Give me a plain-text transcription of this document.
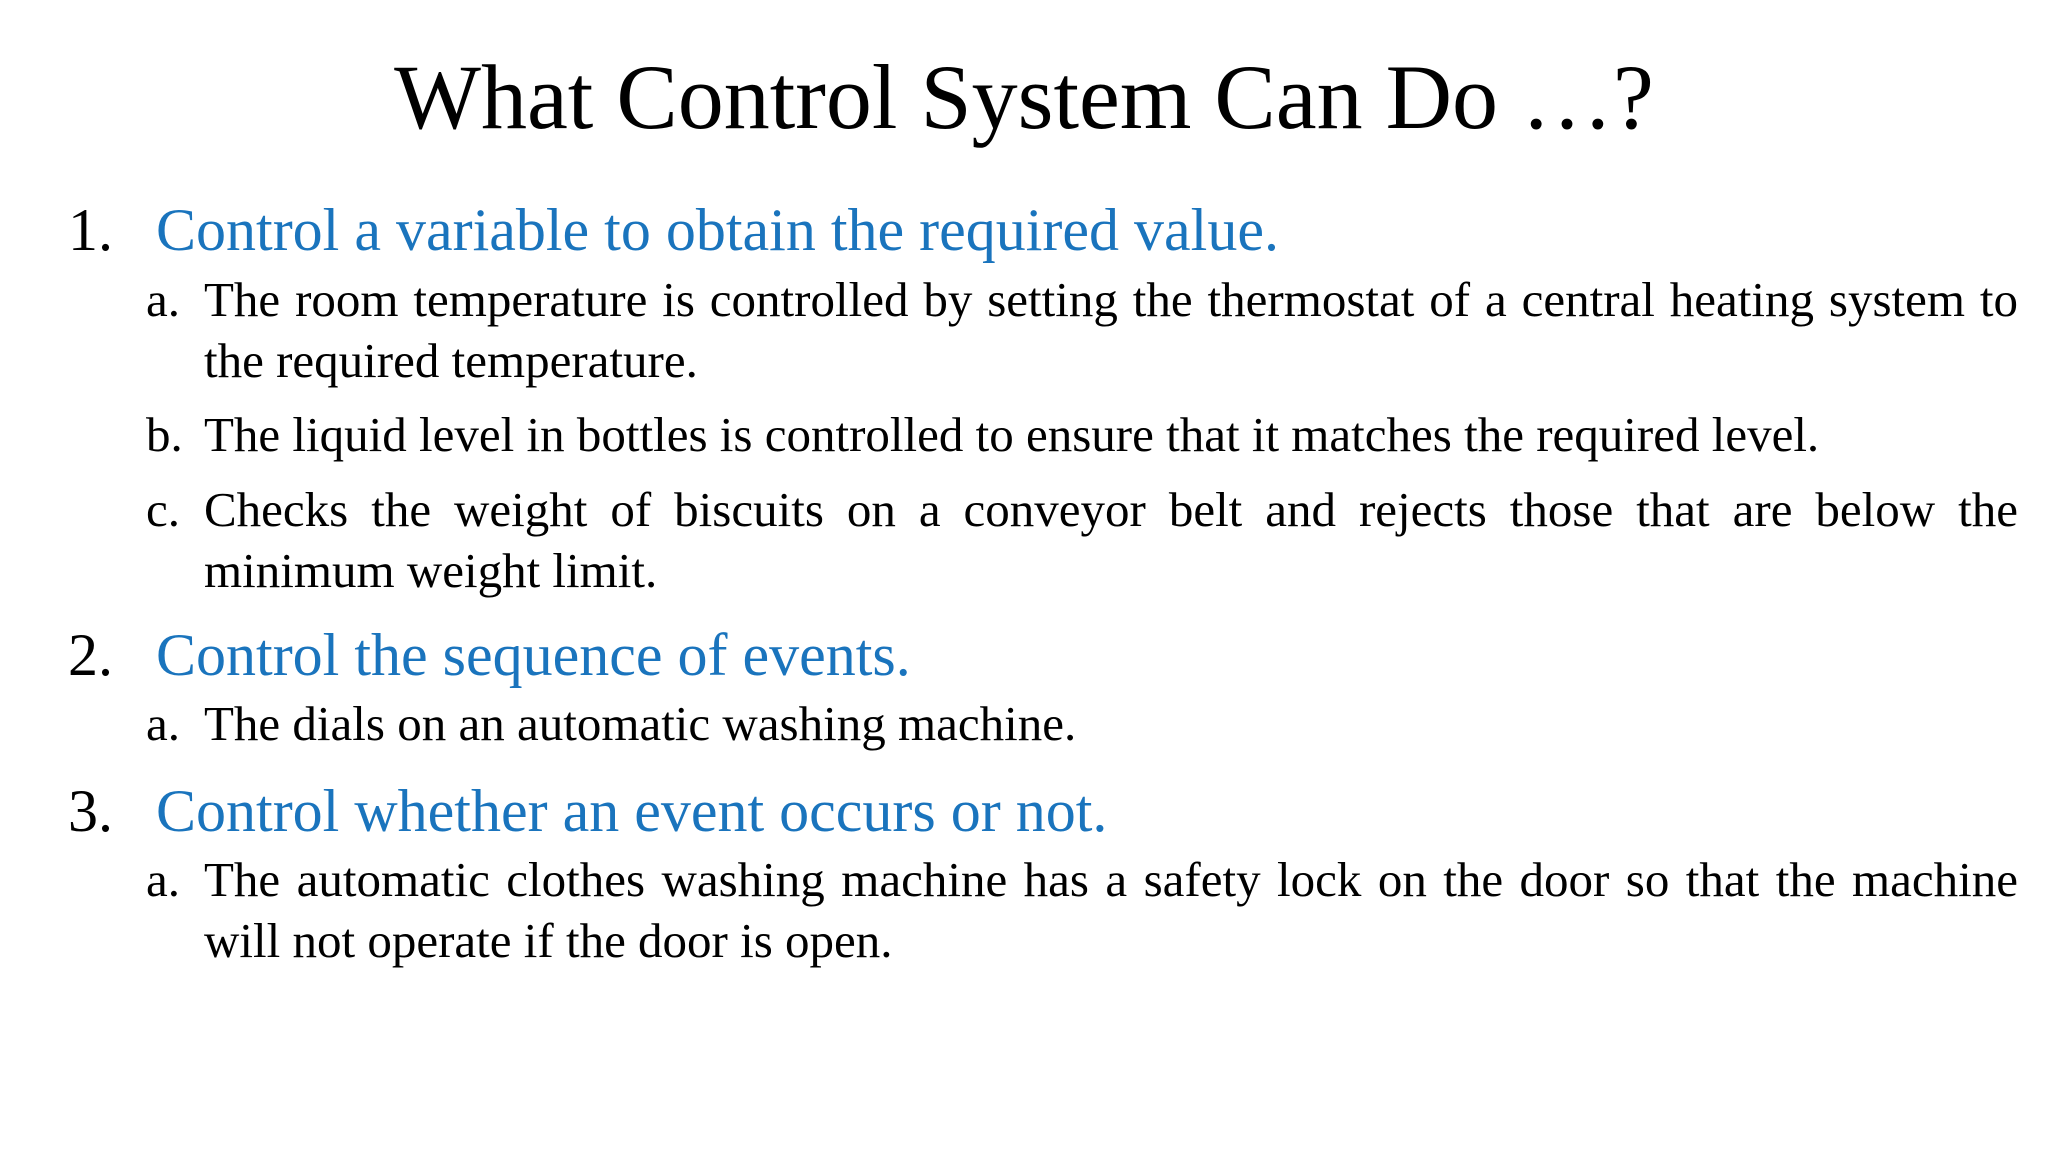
What Control System Can Do …?
1. Control a variable to obtain the required value.
a. The room temperature is controlled by setting the thermostat of a central heating system to the required temperature.
b. The liquid level in bottles is controlled to ensure that it matches the required level.
c. Checks the weight of biscuits on a conveyor belt and rejects those that are below the minimum weight limit.
2. Control the sequence of events.
a. The dials on an automatic washing machine.
3. Control whether an event occurs or not.
a. The automatic clothes washing machine has a safety lock on the door so that the machine will not operate if the door is open.
